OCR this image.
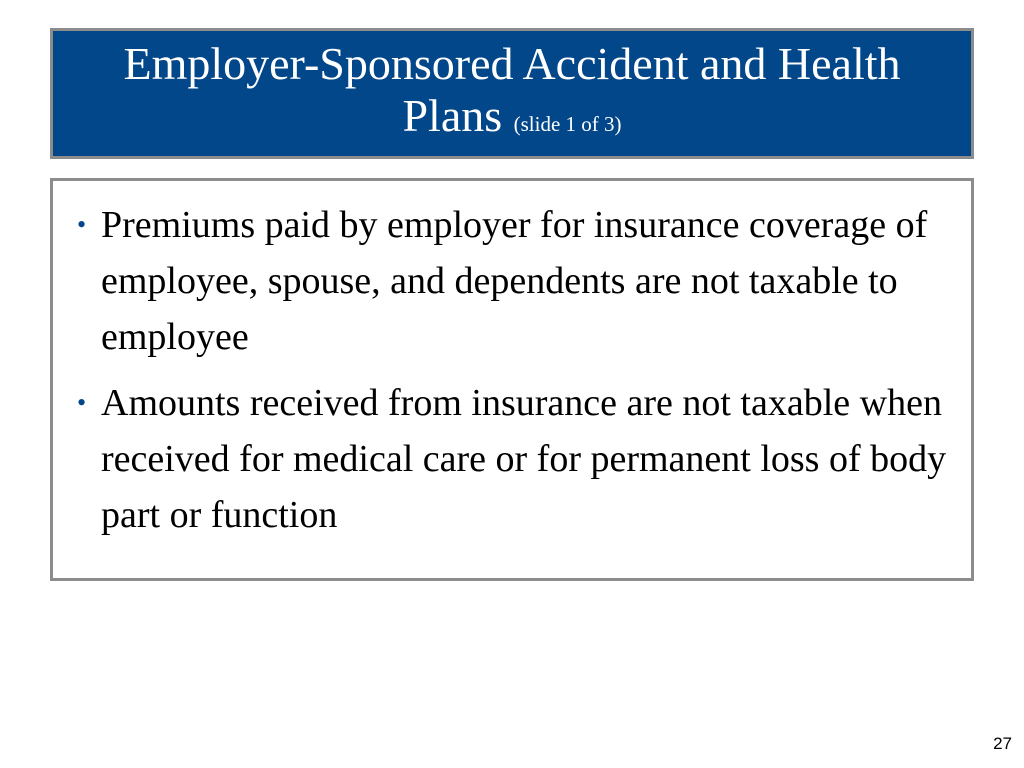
Employer-Sponsored Accident and Health
Plans (slide 1 of 3)
• Premiums paid by employer for insurance coverage of employee, spouse, and dependents are not taxable to employee
• Amounts received from insurance are not taxable when received for medical care or for permanent loss of body part or function
27
